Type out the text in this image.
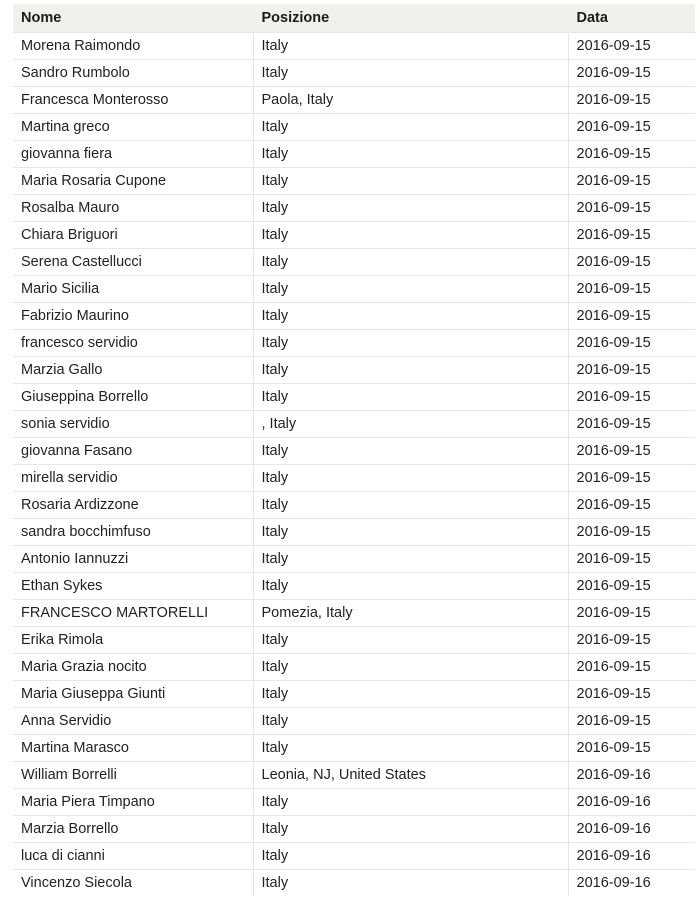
Nome	Posizione	Data
Morena Raimondo	Italy	2016-09-15
Sandro Rumbolo	Italy	2016-09-15
Francesca Monterosso	Paola, Italy	2016-09-15
Martina greco	Italy	2016-09-15
giovanna fiera	Italy	2016-09-15
Maria Rosaria Cupone	Italy	2016-09-15
Rosalba Mauro	Italy	2016-09-15
Chiara Briguori	Italy	2016-09-15
Serena Castellucci	Italy	2016-09-15
Mario Sicilia	Italy	2016-09-15
Fabrizio Maurino	Italy	2016-09-15
francesco servidio	Italy	2016-09-15
Marzia Gallo	Italy	2016-09-15
Giuseppina Borrello	Italy	2016-09-15
sonia servidio	, Italy	2016-09-15
giovanna Fasano	Italy	2016-09-15
mirella servidio	Italy	2016-09-15
Rosaria Ardizzone	Italy	2016-09-15
sandra bocchimfuso	Italy	2016-09-15
Antonio Iannuzzi	Italy	2016-09-15
Ethan Sykes	Italy	2016-09-15
FRANCESCO MARTORELLI	Pomezia, Italy	2016-09-15
Erika Rimola	Italy	2016-09-15
Maria Grazia nocito	Italy	2016-09-15
Maria Giuseppa Giunti	Italy	2016-09-15
Anna Servidio	Italy	2016-09-15
Martina Marasco	Italy	2016-09-15
William Borrelli	Leonia, NJ, United States	2016-09-16
Maria Piera Timpano	Italy	2016-09-16
Marzia Borrello	Italy	2016-09-16
luca di cianni	Italy	2016-09-16
Vincenzo Siecola	Italy	2016-09-16
